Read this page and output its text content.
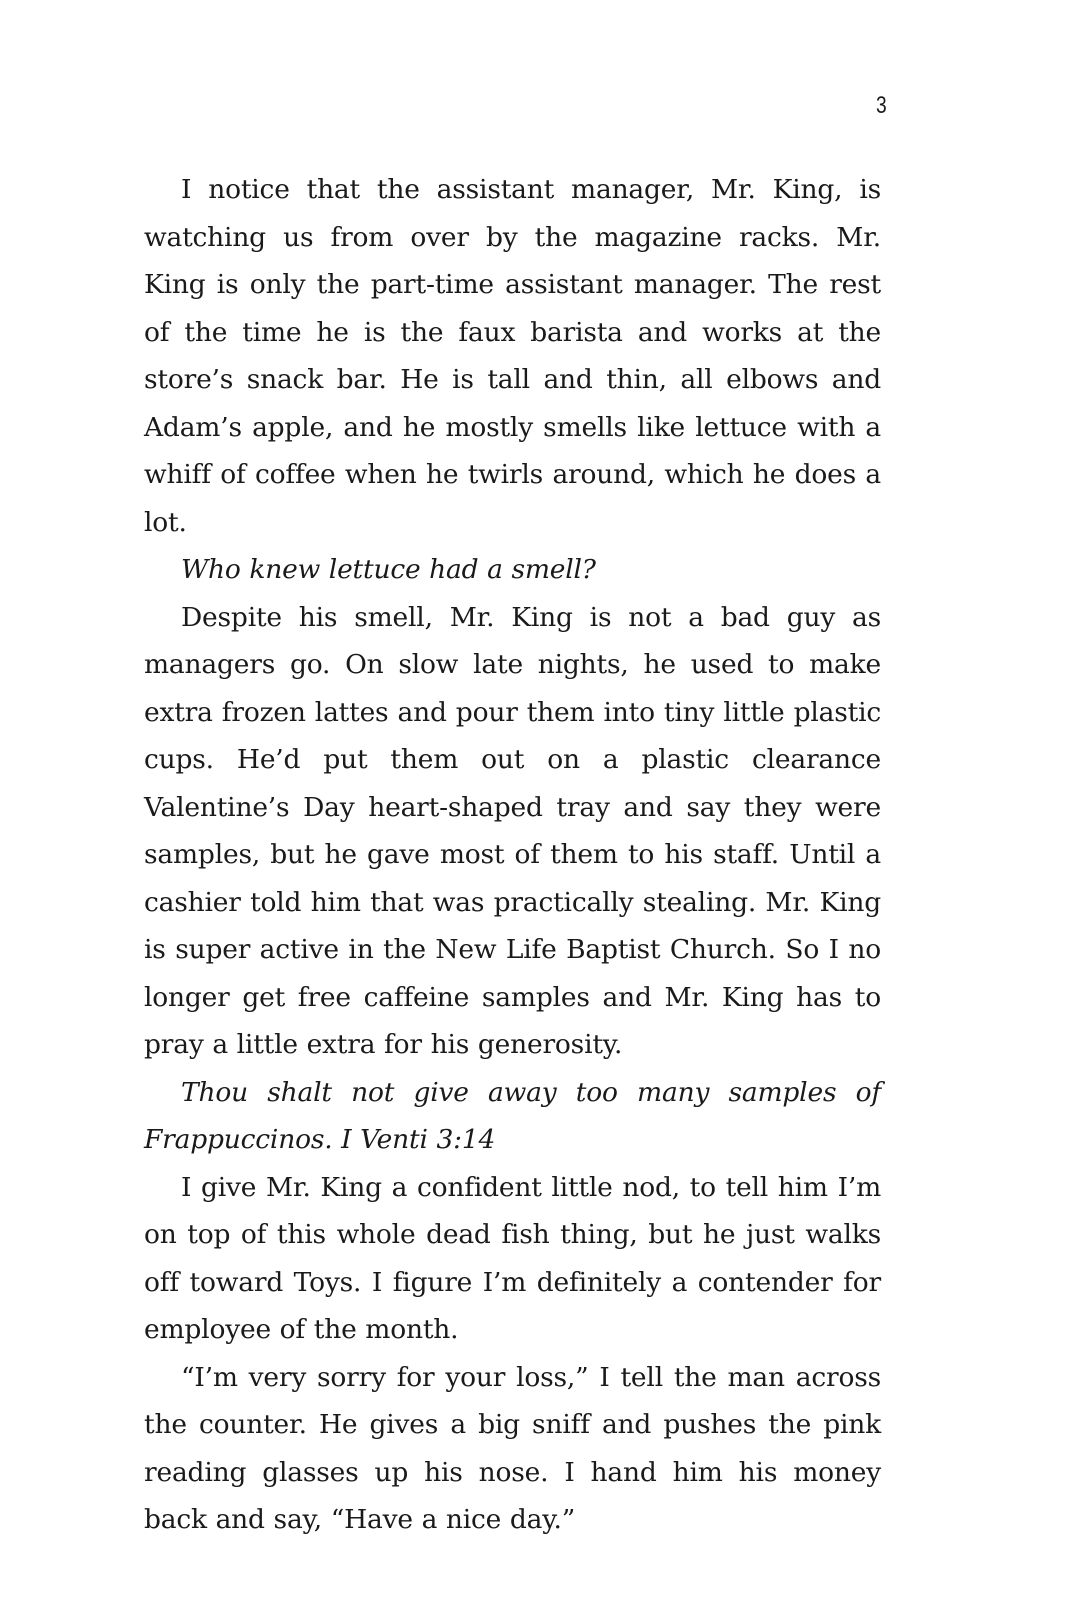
3

I notice that the assistant manager, Mr. King, is watching us from over by the magazine racks. Mr. King is only the part-time assistant manager. The rest of the time he is the faux barista and works at the store’s snack bar. He is tall and thin, all elbows and Adam’s apple, and he mostly smells like lettuce with a whiff of coffee when he twirls around, which he does a lot.

Who knew lettuce had a smell?

Despite his smell, Mr. King is not a bad guy as managers go. On slow late nights, he used to make extra frozen lattes and pour them into tiny little plastic cups. He’d put them out on a plastic clearance Valentine’s Day heart-shaped tray and say they were samples, but he gave most of them to his staff. Until a cashier told him that was practically stealing. Mr. King is super active in the New Life Baptist Church. So I no longer get free caffeine samples and Mr. King has to pray a little extra for his generosity.

Thou shalt not give away too many samples of Frappuccinos. I Venti 3:14

I give Mr. King a confident little nod, to tell him I’m on top of this whole dead fish thing, but he just walks off toward Toys. I figure I’m definitely a contender for employee of the month.

“I’m very sorry for your loss,” I tell the man across the counter. He gives a big sniff and pushes the pink reading glasses up his nose. I hand him his money back and say, “Have a nice day.”
